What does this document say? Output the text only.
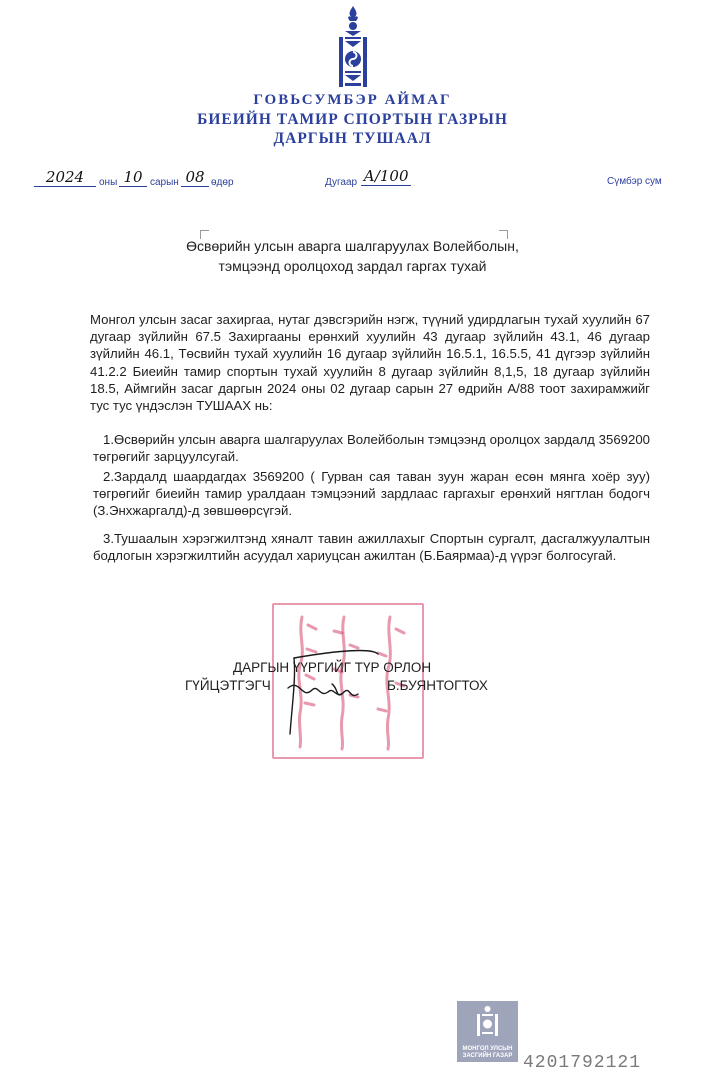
ГОВЬСУМБЭР АЙМАГ
БИЕИЙН ТАМИР СПОРТЫН ГАЗРЫН
ДАРГЫН ТУШААЛ
2024	оны 10 сарын 08 өдөр	Дугаар А/100	Сүмбэр сум
Өсвөрийн улсын аварга шалгаруулах Волейболын,
тэмцээнд оролцоход зардал гаргах тухай

Монгол улсын засаг захиргаа, нутаг дэвсгэрийн нэгж, түүний удирдлагын тухай хуулийн 67 дугаар зүйлийн 67.5 Захиргааны ерөнхий хуулийн 43 дугаар зүйлийн 43.1, 46 дугаар зүйлийн 46.1, Төсвийн тухай хуулийн 16 дугаар зүйлийн 16.5.1, 16.5.5, 41 дүгээр зүйлийн 41.2.2 Биеийн тамир спортын тухай хуулийн 8 дугаар зүйлийн 8,1,5, 18 дугаар зүйлийн 18.5, Аймгийн засаг даргын 2024 оны 02 дугаар сарын 27 өдрийн А/88 тоот захирамжийг тус тус үндэслэн ТУШААХ нь:

1.Өсвөрийн улсын аварга шалгаруулах Волейболын тэмцээнд оролцох зардалд 3569200 төгрөгийг зарцуулсугай.
2.Зардалд шаардагдах 3569200 ( Гурван сая таван зуун жаран есөн мянга хоёр зуу) төгрөгийг биеийн тамир уралдаан тэмцээний зардлаас гаргахыг ерөнхий нягтлан бодогч (З.Энхжаргалд)-д зөвшөөрсүгэй.
3.Тушаалын хэрэгжилтэнд хяналт тавин ажиллахыг Спортын сургалт, дасгалжуулалтын бодлогын хэрэгжилтийн асуудал хариуцсан ажилтан (Б.Баярмаа)-д үүрэг болгосугай.
ДАРГЫН ҮҮРГИЙГ ТҮР ОРЛОН
ГҮЙЦЭТГЭГЧ	Б.БУЯНТОГТОХ
МОНГОЛ УЛСЫН ЗАСГИЙН ГАЗАР 4201792121
